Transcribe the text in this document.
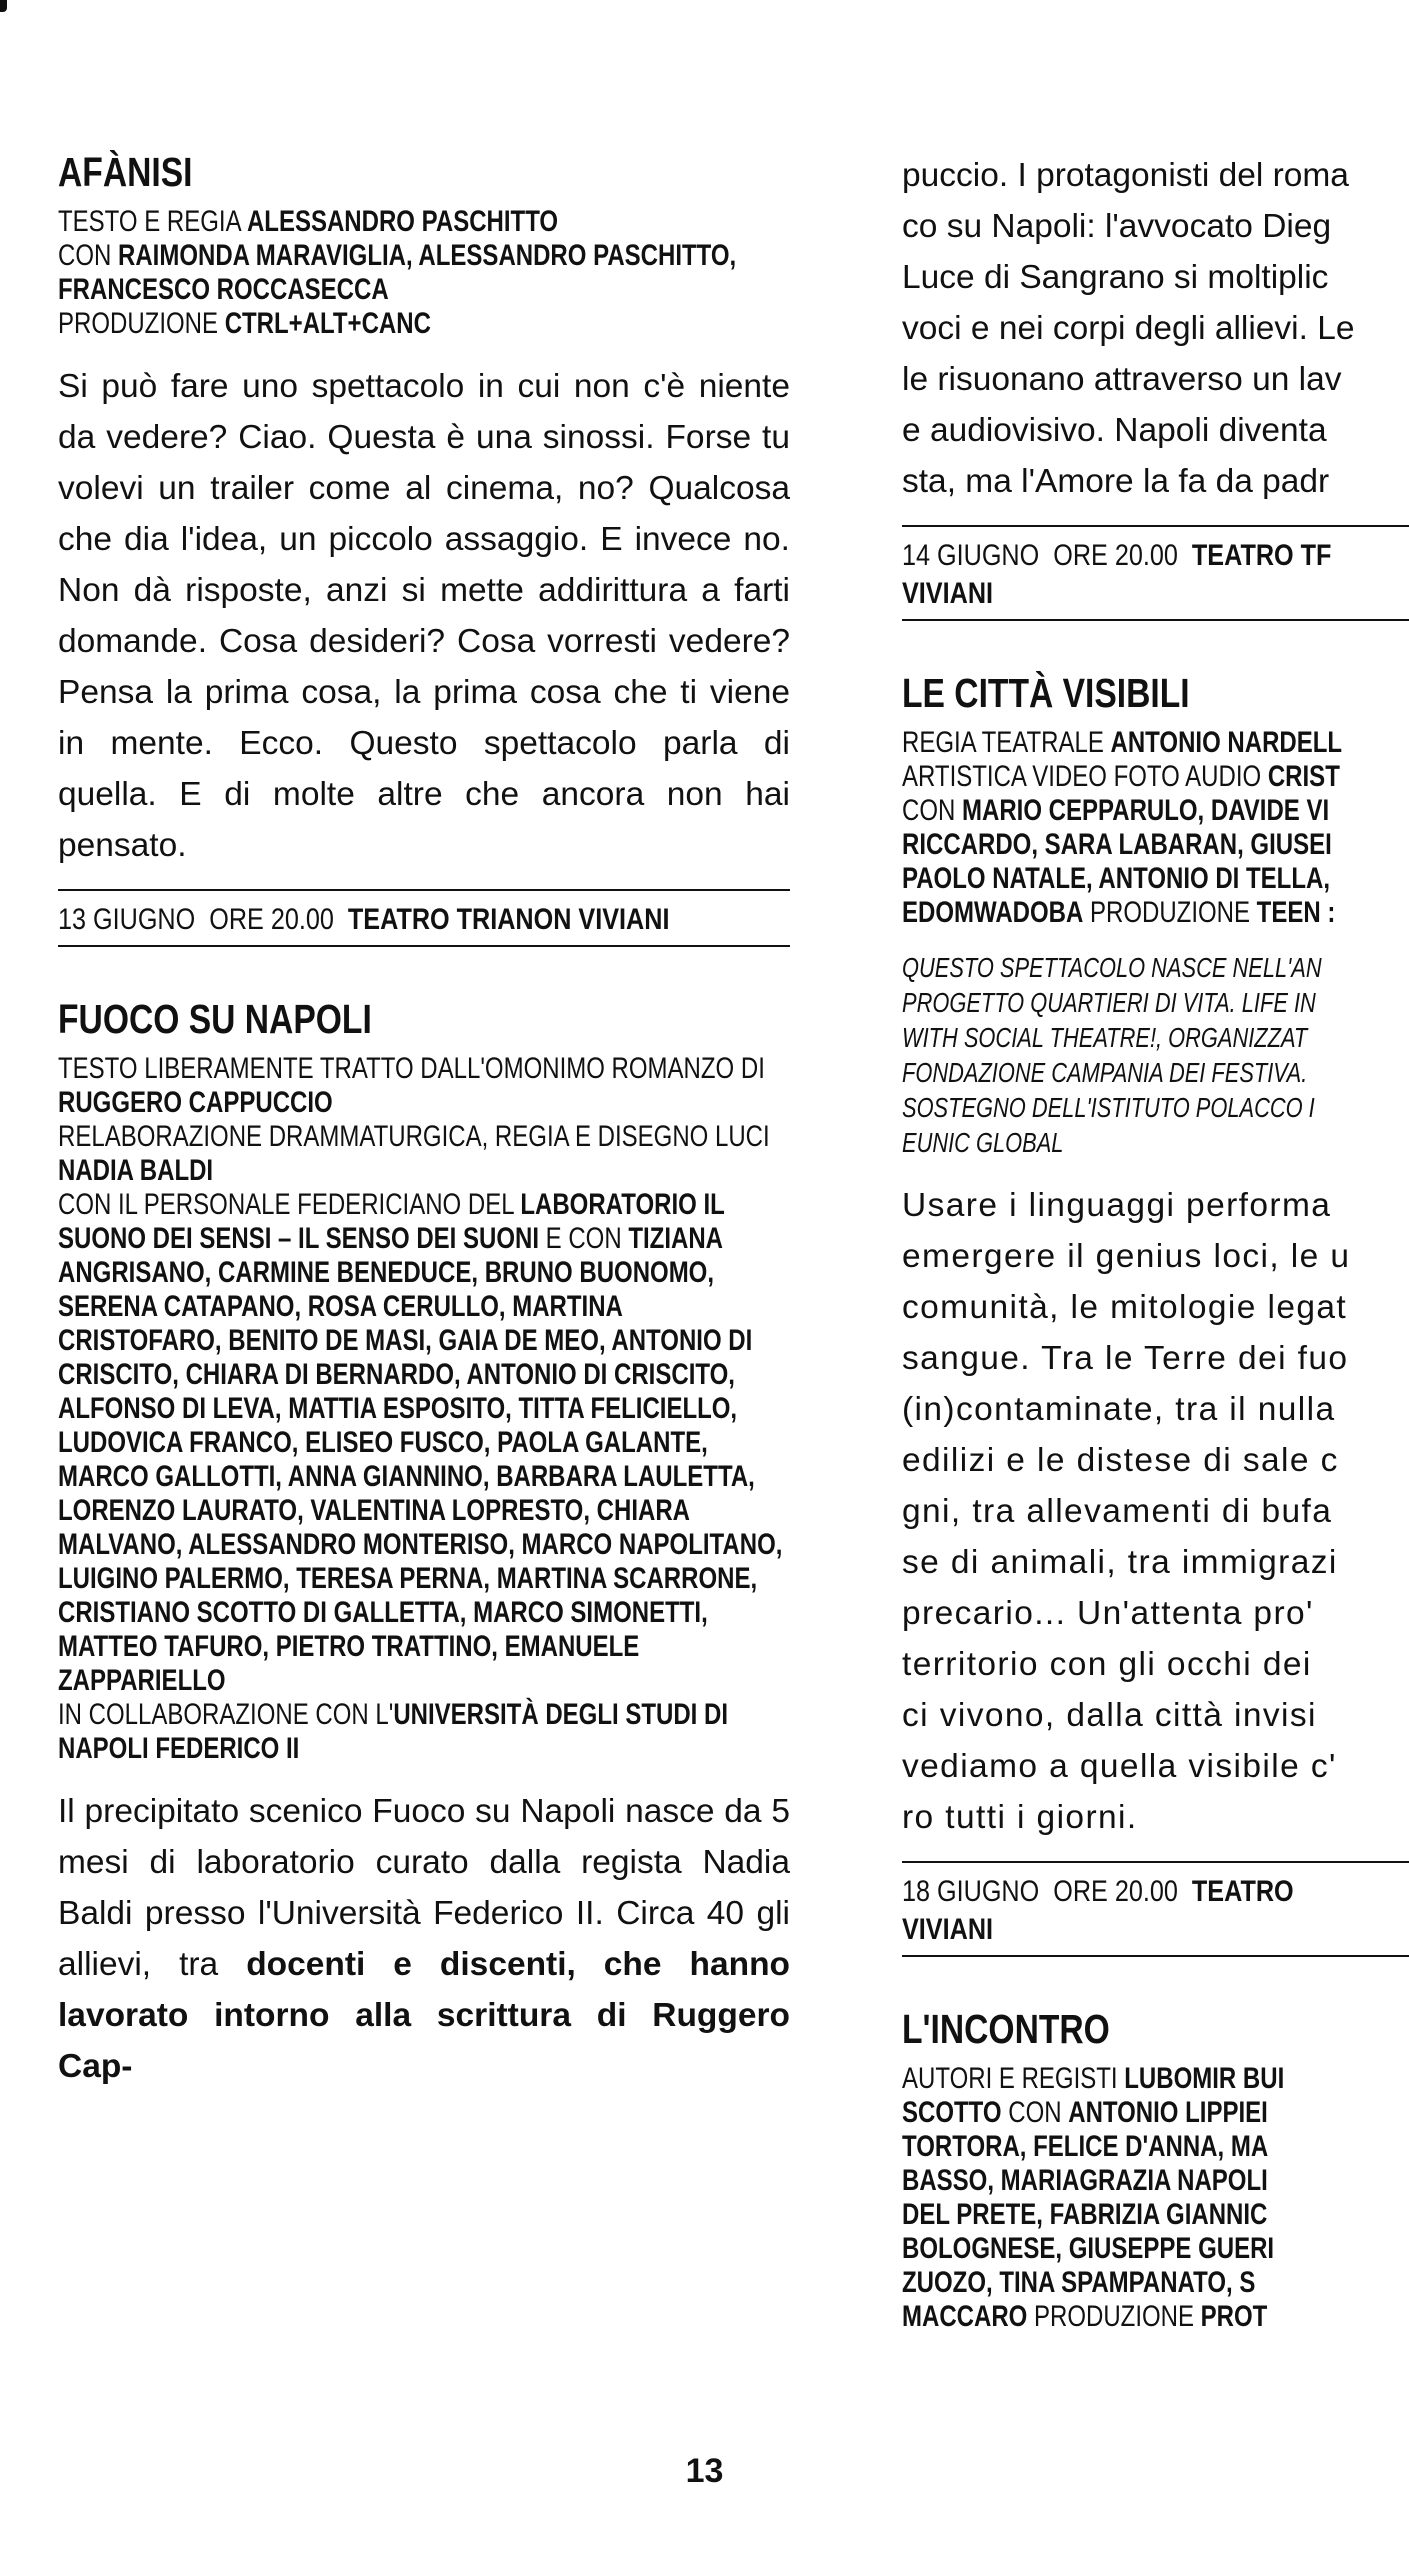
AFÀNISI
TESTO E REGIA ALESSANDRO PASCHITTO
CON RAIMONDA MARAVIGLIA, ALESSANDRO PASCHITTO, FRANCESCO ROCCASECCA
PRODUZIONE CTRL+ALT+CANC

Si può fare uno spettacolo in cui non c'è niente da vedere? Ciao. Questa è una sinossi. Forse tu volevi un trailer come al cinema, no? Qualcosa che dia l'idea, un piccolo assaggio. E invece no. Non dà risposte, anzi si mette addirittura a farti domande. Cosa desideri? Cosa vorresti vedere? Pensa la prima cosa, la prima cosa che ti viene in mente. Ecco. Questo spettacolo parla di quella. E di molte altre che ancora non hai pensato.

13 GIUGNO ORE 20.00 TEATRO TRIANON VIVIANI
FUOCO SU NAPOLI
TESTO LIBERAMENTE TRATTO DALL'OMONIMO ROMANZO DI RUGGERO CAPPUCCIO
RELABORAZIONE DRAMMATURGICA, REGIA E DISEGNO LUCI NADIA BALDI
CON IL PERSONALE FEDERICIANO DEL LABORATORIO IL SUONO DEI SENSI – IL SENSO DEI SUONI E CON TIZIANA ANGRISANO, CARMINE BENEDUCE, BRUNO BUONOMO, SERENA CATAPANO, ROSA CERULLO, MARTINA CRISTOFARO, BENITO DE MASI, GAIA DE MEO, ANTONIO DI CRISCITO, CHIARA DI BERNARDO, ANTONIO DI CRISCITO, ALFONSO DI LEVA, MATTIA ESPOSITO, TITTA FELICIELLO, LUDOVICA FRANCO, ELISEO FUSCO, PAOLA GALANTE, MARCO GALLOTTI, ANNA GIANNINO, BARBARA LAULETTA, LORENZO LAURATO, VALENTINA LOPRESTO, CHIARA MALVANO, ALESSANDRO MONTERISO, MARCO NAPOLITANO, LUIGINO PALERMO, TERESA PERNA, MARTINA SCARRONE, CRISTIANO SCOTTO DI GALLETTA, MARCO SIMONETTI, MATTEO TAFURO, PIETRO TRATTINO, EMANUELE ZAPPARIELLO
IN COLLABORAZIONE CON L'UNIVERSITÀ DEGLI STUDI DI NAPOLI FEDERICO II

Il precipitato scenico Fuoco su Napoli nasce da 5 mesi di laboratorio curato dalla regista Nadia Baldi presso l'Università Federico II. Circa 40 gli allievi, tra docenti e discenti, che hanno lavorato intorno alla scrittura di Ruggero Cap-

puccio. I protagonisti del roma
co su Napoli: l'avvocato Dieg
Luce di Sangrano si moltiplic
voci e nei corpi degli allievi. Le
le risuonano attraverso un lav
e audiovisivo. Napoli diventa
sta, ma l'Amore la fa da padr
14 GIUGNO ORE 20.00 TEATRO TF
VIVIANI
LE CITTÀ VISIBILI
REGIA TEATRALE ANTONIO NARDELL
ARTISTICA VIDEO FOTO AUDIO CRIST
CON MARIO CEPPARULO, DAVIDE VI
RICCARDO, SARA LABARAN, GIUSEI
PAOLO NATALE, ANTONIO DI TELLA,
EDOMWADOBA PRODUZIONE TEEN :
QUESTO SPETTACOLO NASCE NELL'AN
PROGETTO QUARTIERI DI VITA. LIFE IN
WITH SOCIAL THEATRE!, ORGANIZZAT
FONDAZIONE CAMPANIA DEI FESTIVA.
SOSTEGNO DELL'ISTITUTO POLACCO I
EUNIC GLOBAL
Usare i linguaggi performa
emergere il genius loci, le u
comunità, le mitologie legat
sangue. Tra le Terre dei fuo
(in)contaminate, tra il nulla
edilizi e le distese di sale c
gni, tra allevamenti di bufa
se di animali, tra immigrazi
precario... Un'attenta pro'
territorio con gli occhi dei
ci vivono, dalla città invisi
vediamo a quella visibile c'
ro tutti i giorni.
18 GIUGNO ORE 20.00 TEATRO
VIVIANI
L'INCONTRO
AUTORI E REGISTI LUBOMIR BUI
SCOTTO CON ANTONIO LIPPIEI
TORTORA, FELICE D'ANNA, MA
BASSO, MARIAGRAZIA NAPOLI
DEL PRETE, FABRIZIA GIANNIC
BOLOGNESE, GIUSEPPE GUERI
ZUOZO, TINA SPAMPANATO, S
MACCARO PRODUZIONE PROT
13
